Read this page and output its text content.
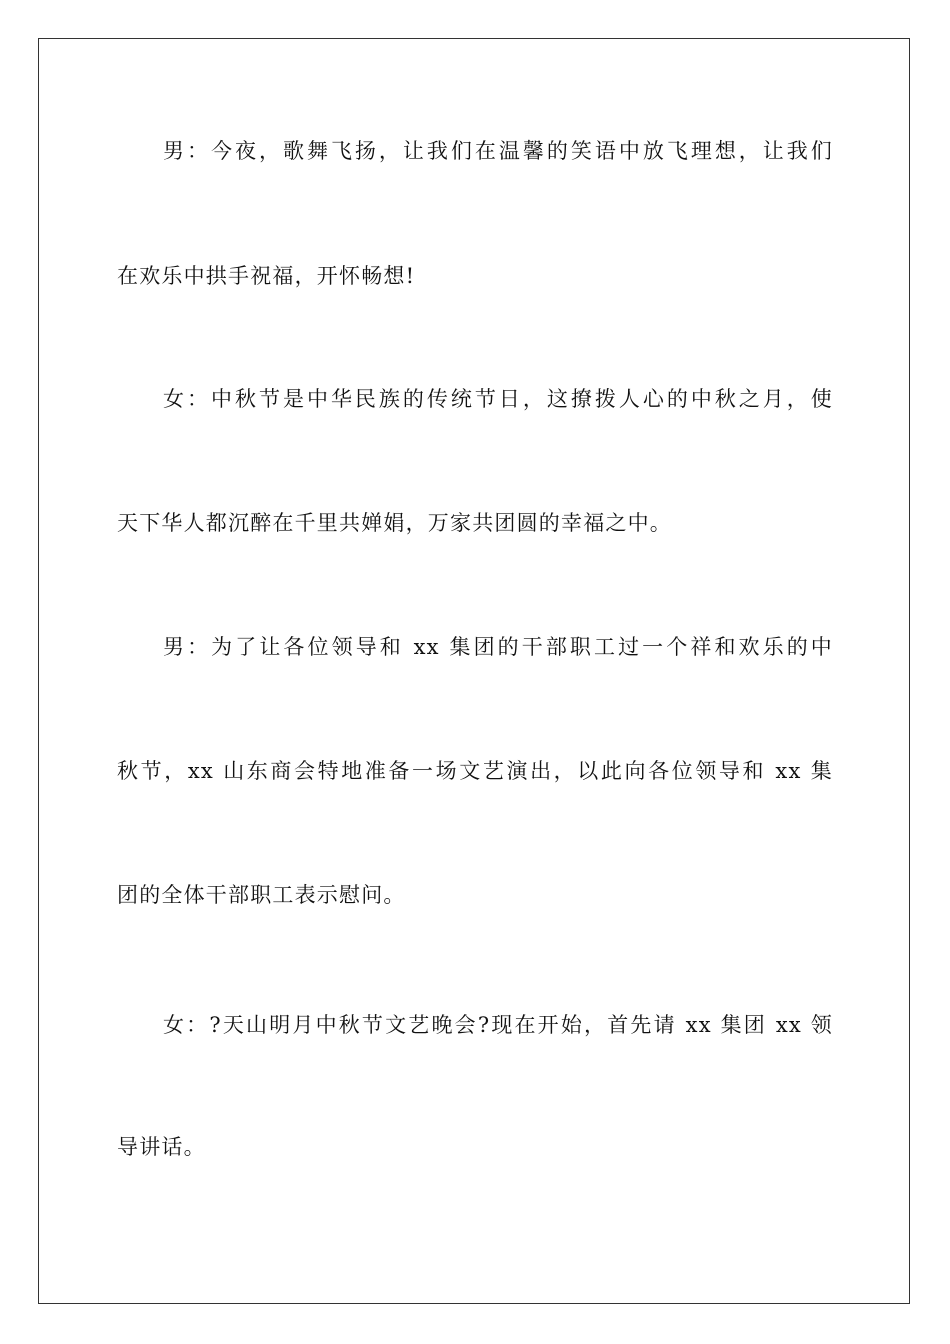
男：今夜，歌舞飞扬，让我们在温馨的笑语中放飞理想，让我们
在欢乐中拱手祝福，开怀畅想!
女：中秋节是中华民族的传统节日，这撩拨人心的中秋之月，使
天下华人都沉醉在千里共婵娟，万家共团圆的幸福之中。
男：为了让各位领导和 xx 集团的干部职工过一个祥和欢乐的中
秋节，xx 山东商会特地准备一场文艺演出，以此向各位领导和 xx 集
团的全体干部职工表示慰问。
女：?天山明月中秋节文艺晚会?现在开始，首先请 xx 集团 xx 领
导讲话。
